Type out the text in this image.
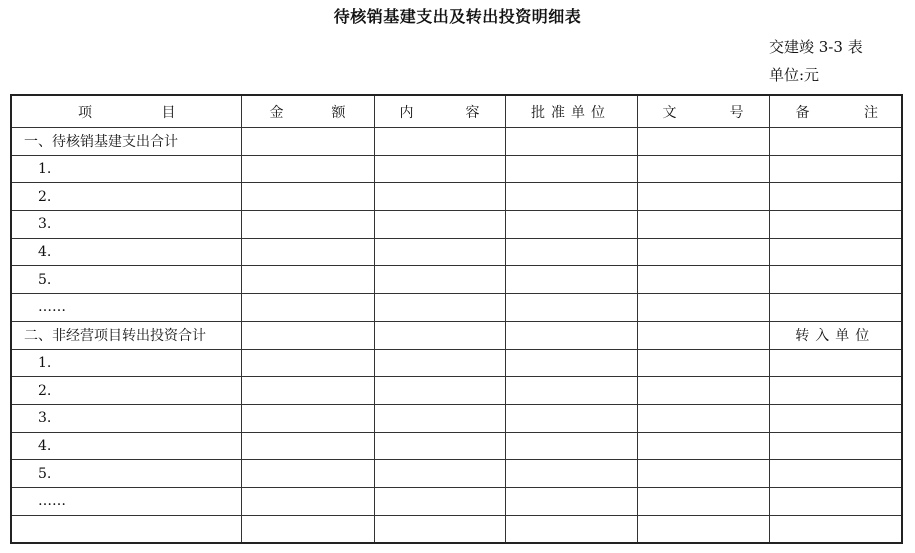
待核销基建支出及转出投资明细表
交建竣 3-3 表
单位:元
项 目	金 额	内 容	批准单位	文 号	备 注

一、待核销基建支出合计					
1.					
2.					
3.					
4.					
5.					
……					
二、非经营项目转出投资合计					转入单位
1.					
2.					
3.					
4.					
5.					
……					
